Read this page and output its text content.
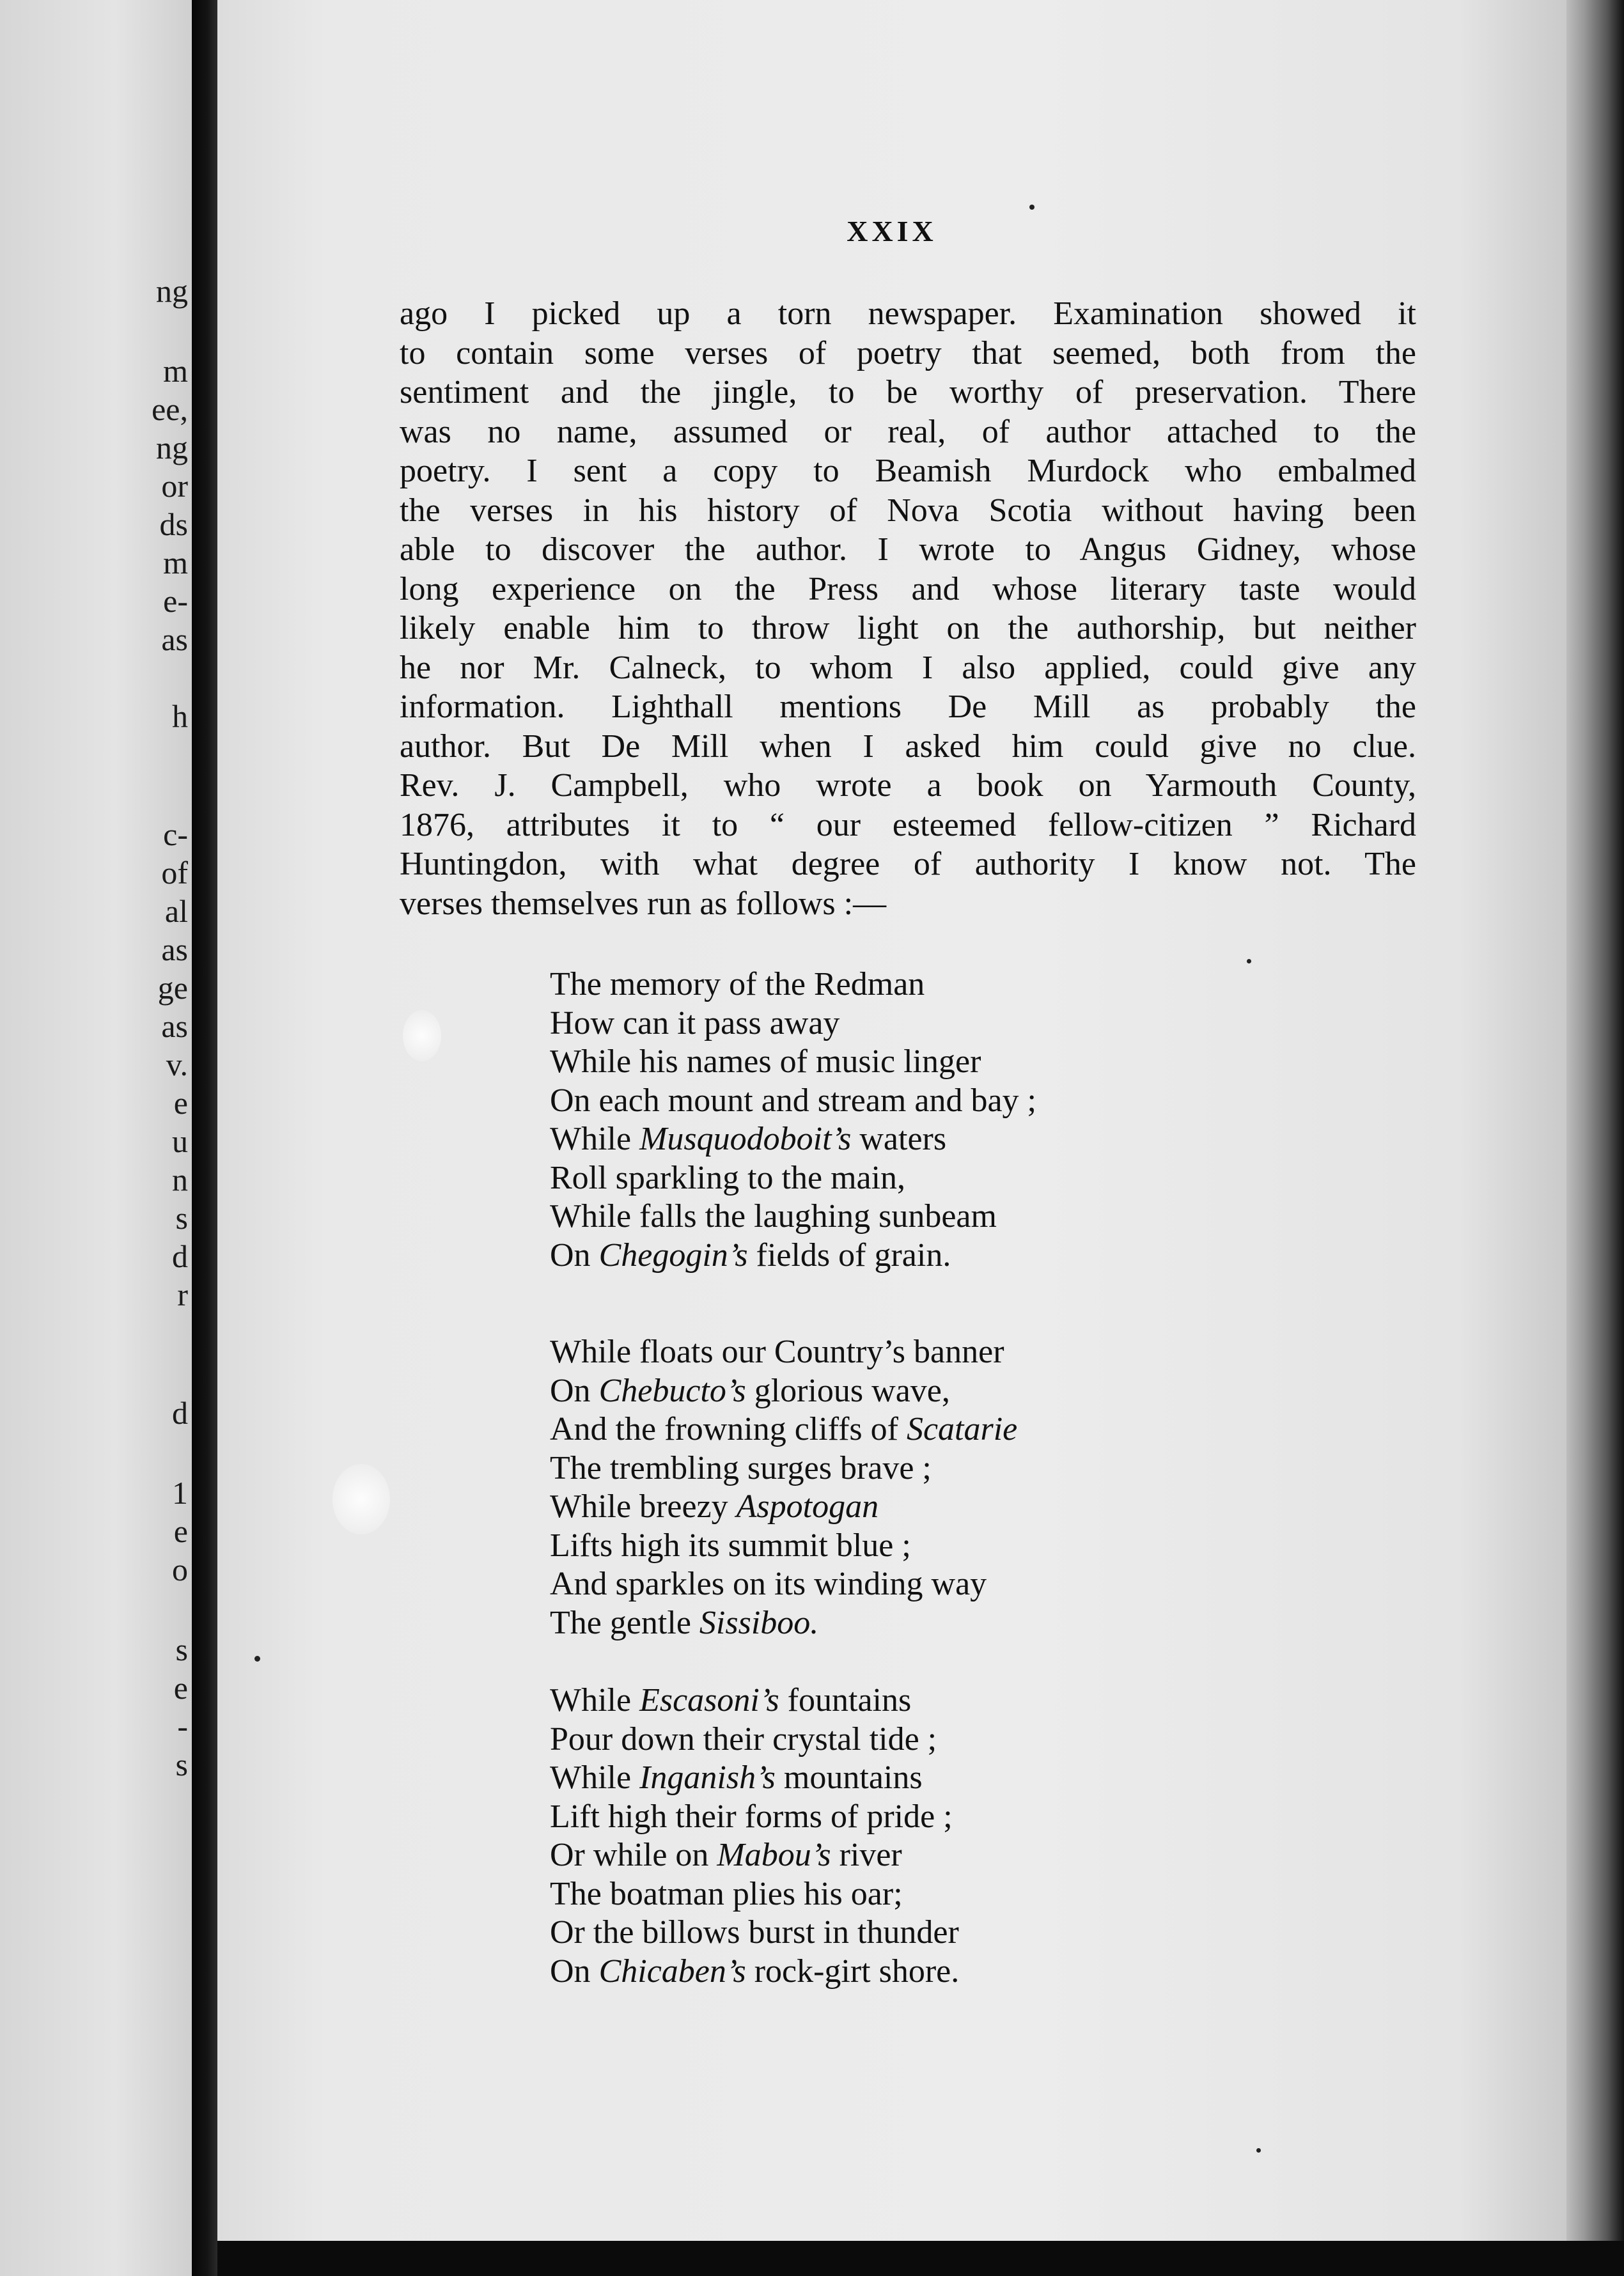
ng

m

ee,

ng

or

ds

m

e-

as

h

c-

of

al

as

ge

as

v.

e

u

n

s

d

r

d

1

e

o

s

e

-

s

XXIX

ago I picked up a torn newspaper. Examination showed it
to contain some verses of poetry that seemed, both from the
sentiment and the jingle, to be worthy of preservation. There
was no name, assumed or real, of author attached to the
poetry. I sent a copy to Beamish Murdock who embalmed
the verses in his history of Nova Scotia without having been
able to discover the author. I wrote to Angus Gidney, whose
long experience on the Press and whose literary taste would
likely enable him to throw light on the authorship, but neither
he nor Mr. Calneck, to whom I also applied, could give any
information. Lighthall mentions De Mill as probably the
author. But De Mill when I asked him could give no clue.
Rev. J. Campbell, who wrote a book on Yarmouth County,
1876, attributes it to “ our esteemed fellow-citizen ” Richard
Huntingdon, with what degree of authority I know not. The
verses themselves run as follows :—
The memory of the Redman
How can it pass away
While his names of music linger
On each mount and stream and bay ;
While Musquodoboit’s waters
Roll sparkling to the main,
While falls the laughing sunbeam
On Chegogin’s fields of grain.
While floats our Country’s banner
On Chebucto’s glorious wave,
And the frowning cliffs of Scatarie
The trembling surges brave ;
While breezy Aspotogan
Lifts high its summit blue ;
And sparkles on its winding way
The gentle Sissiboo.
While Escasoni’s fountains
Pour down their crystal tide ;
While Inganish’s mountains
Lift high their forms of pride ;
Or while on Mabou’s river
The boatman plies his oar;
Or the billows burst in thunder
On Chicaben’s rock-girt shore.
